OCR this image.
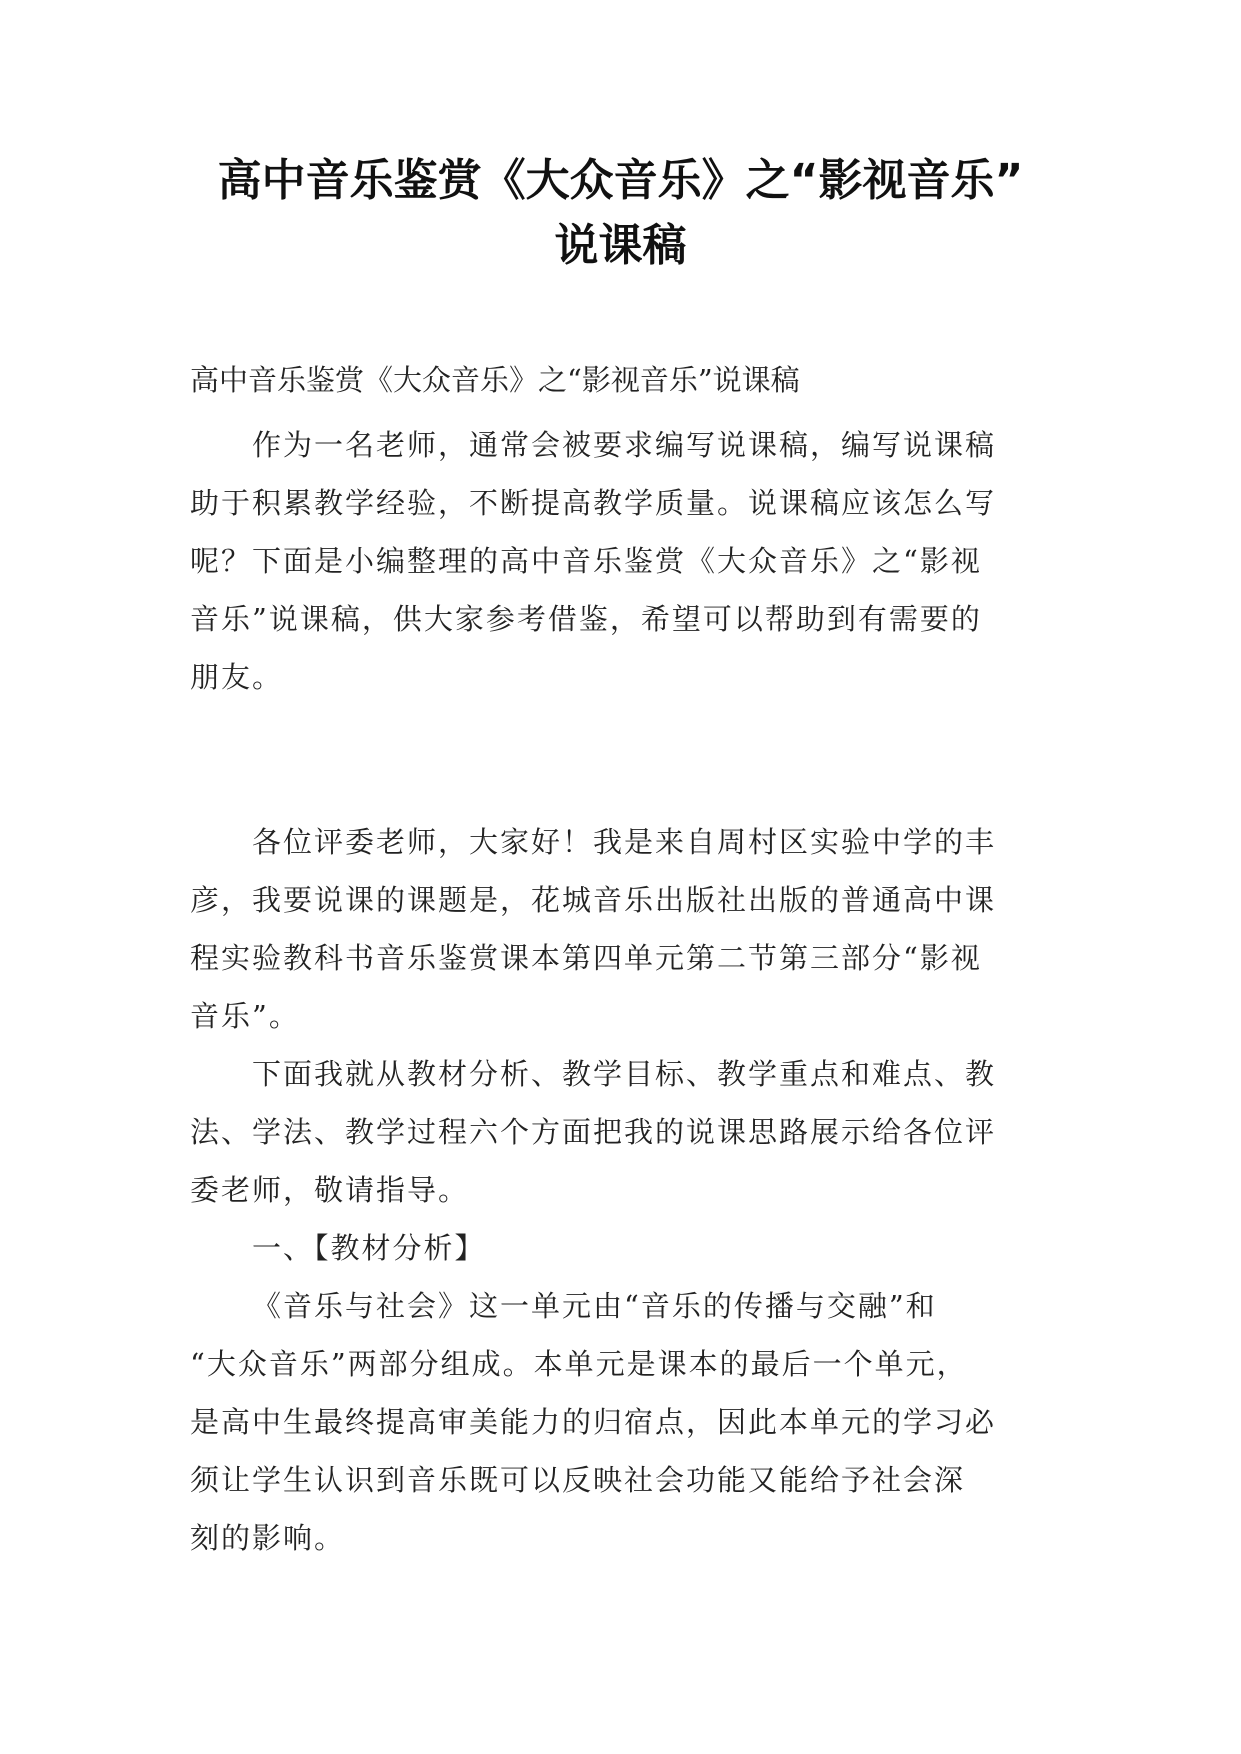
高中音乐鉴赏《大众音乐》之“影视音乐”
说课稿
高中音乐鉴赏《大众音乐》之“影视音乐”说课稿
作为一名老师，通常会被要求编写说课稿，编写说课稿
助于积累教学经验，不断提高教学质量。说课稿应该怎么写
呢？下面是小编整理的高中音乐鉴赏《大众音乐》之“影视
音乐”说课稿，供大家参考借鉴，希望可以帮助到有需要的
朋友。
各位评委老师，大家好！我是来自周村区实验中学的丰
彦，我要说课的课题是，花城音乐出版社出版的普通高中课
程实验教科书音乐鉴赏课本第四单元第二节第三部分“影视
音乐”。
下面我就从教材分析、教学目标、教学重点和难点、教
法、学法、教学过程六个方面把我的说课思路展示给各位评
委老师，敬请指导。
一、【教材分析】
《音乐与社会》这一单元由“音乐的传播与交融”和
“大众音乐”两部分组成。本单元是课本的最后一个单元，
是高中生最终提高审美能力的归宿点，因此本单元的学习必
须让学生认识到音乐既可以反映社会功能又能给予社会深
刻的影响。
